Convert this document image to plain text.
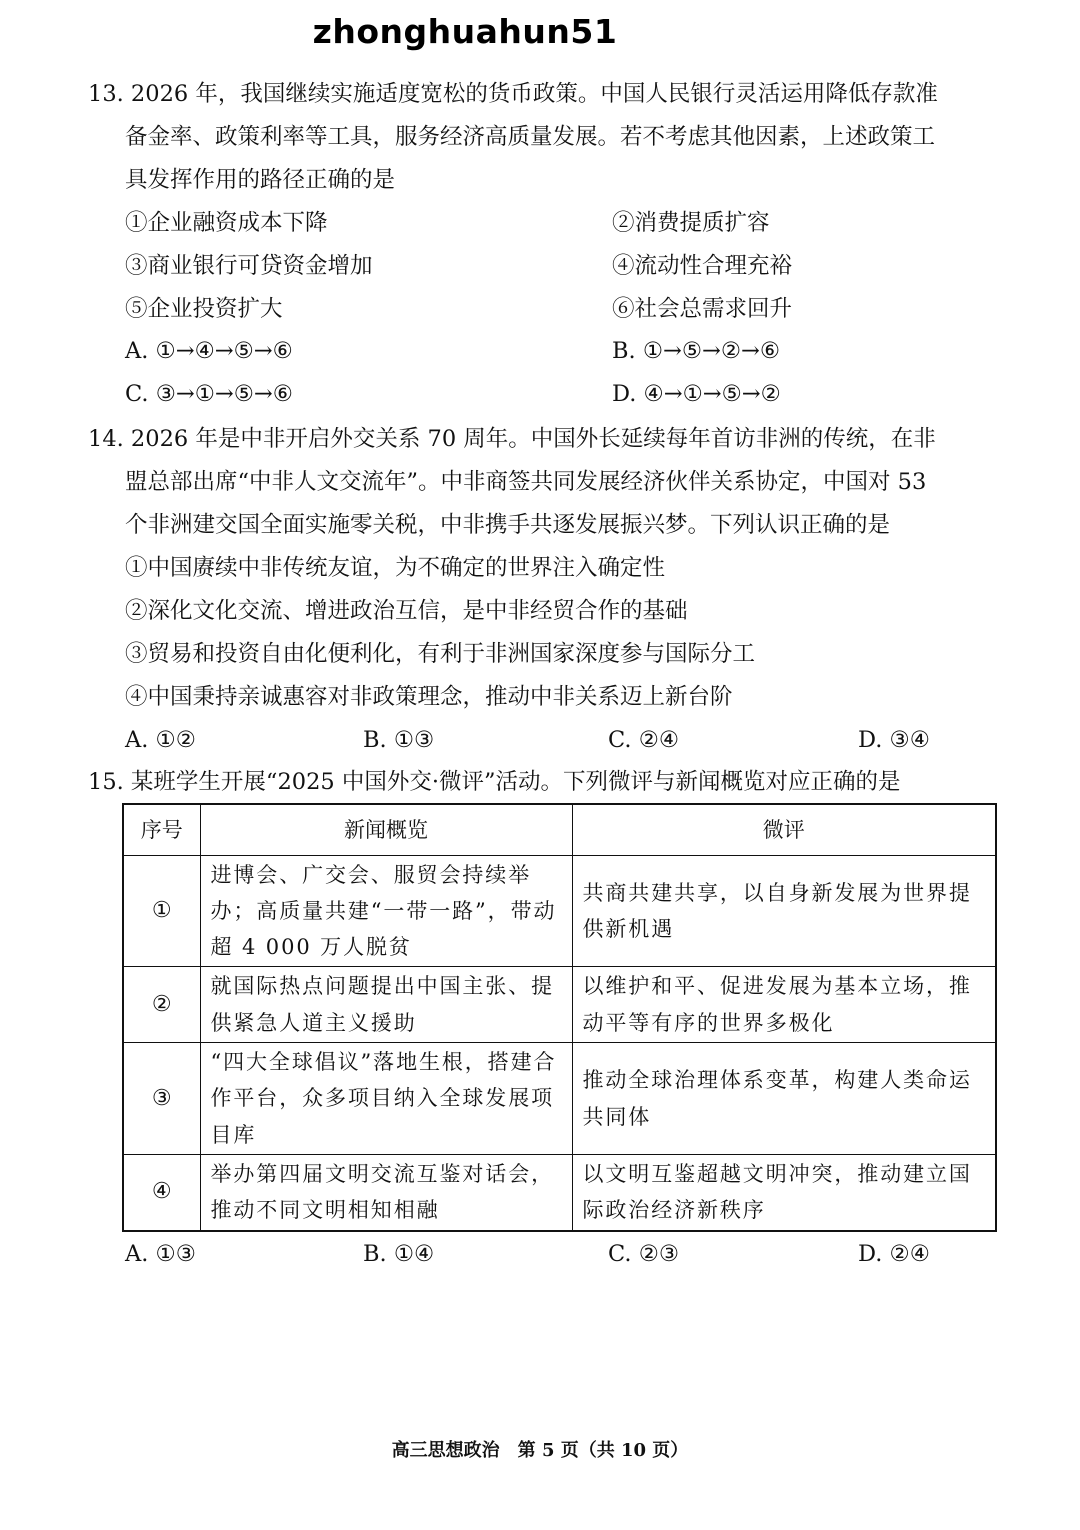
zhonghuahun51
13. 2026 年，我国继续实施适度宽松的货币政策。中国人民银行灵活运用降低存款准
备金率、政策利率等工具，服务经济高质量发展。若不考虑其他因素，上述政策工
具发挥作用的路径正确的是
①企业融资成本下降	②消费提质扩容
③商业银行可贷资金增加	④流动性合理充裕
⑤企业投资扩大	⑥社会总需求回升
A. ①→④→⑤→⑥	B. ①→⑤→②→⑥
C. ③→①→⑤→⑥	D. ④→①→⑤→②
14. 2026 年是中非开启外交关系 70 周年。中国外长延续每年首访非洲的传统，在非
盟总部出席“中非人文交流年”。中非商签共同发展经济伙伴关系协定，中国对 53
个非洲建交国全面实施零关税，中非携手共逐发展振兴梦。下列认识正确的是
①中国赓续中非传统友谊，为不确定的世界注入确定性
②深化文化交流、增进政治互信，是中非经贸合作的基础
③贸易和投资自由化便利化，有利于非洲国家深度参与国际分工
④中国秉持亲诚惠容对非政策理念，推动中非关系迈上新台阶
A. ①②	B. ①③	C. ②④	D. ③④
15. 某班学生开展“2025 中国外交·微评”活动。下列微评与新闻概览对应正确的是
序号	新闻概览	微评
①	进博会、广交会、服贸会持续举办；高质量共建“一带一路”，带动超 4 000 万人脱贫	共商共建共享，以自身新发展为世界提供新机遇
②	就国际热点问题提出中国主张、提供紧急人道主义援助	以维护和平、促进发展为基本立场，推动平等有序的世界多极化
③	“四大全球倡议”落地生根，搭建合作平台，众多项目纳入全球发展项目库	推动全球治理体系变革，构建人类命运共同体
④	举办第四届文明交流互鉴对话会，推动不同文明相知相融	以文明互鉴超越文明冲突，推动建立国际政治经济新秩序
A. ①③	B. ①④	C. ②③	D. ②④
高三思想政治　第 5 页（共 10 页）
